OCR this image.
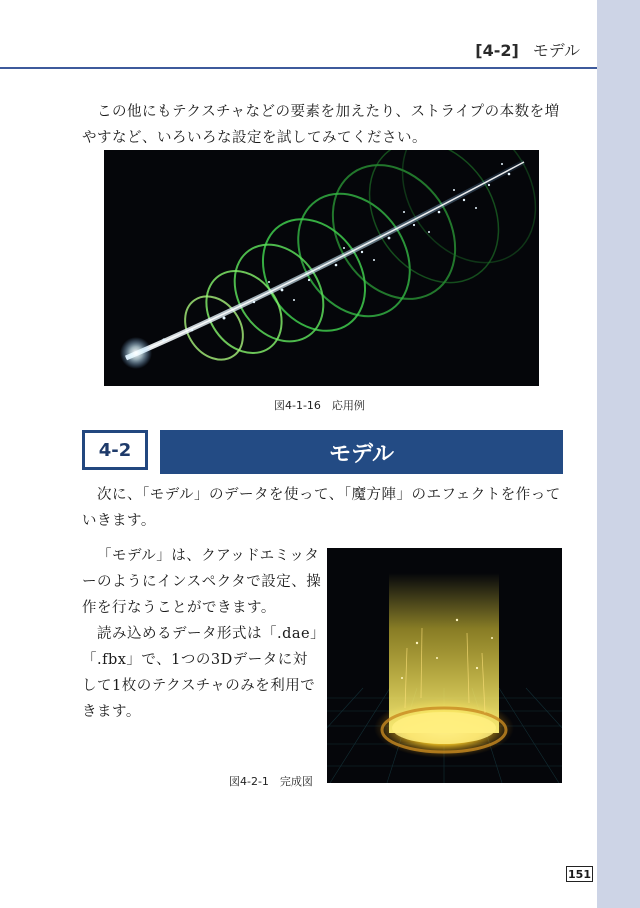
[4-2] モデル
この他にもテクスチャなどの要素を加えたり、ストライプの本数を増やすなど、いろいろな設定を試してみてください。
図4-1-16　応用例
4-2	モデル
次に、「モデル」のデータを使って、「魔方陣」のエフェクトを作っていきます。
「モデル」は、クアッドエミッターのようにインスペクタで設定、操作を行なうことができます。
読み込めるデータ形式は「.dae」「.fbx」で、1つの3Dデータに対して1枚のテクスチャのみを利用できます。
図4-2-1　完成図
151
